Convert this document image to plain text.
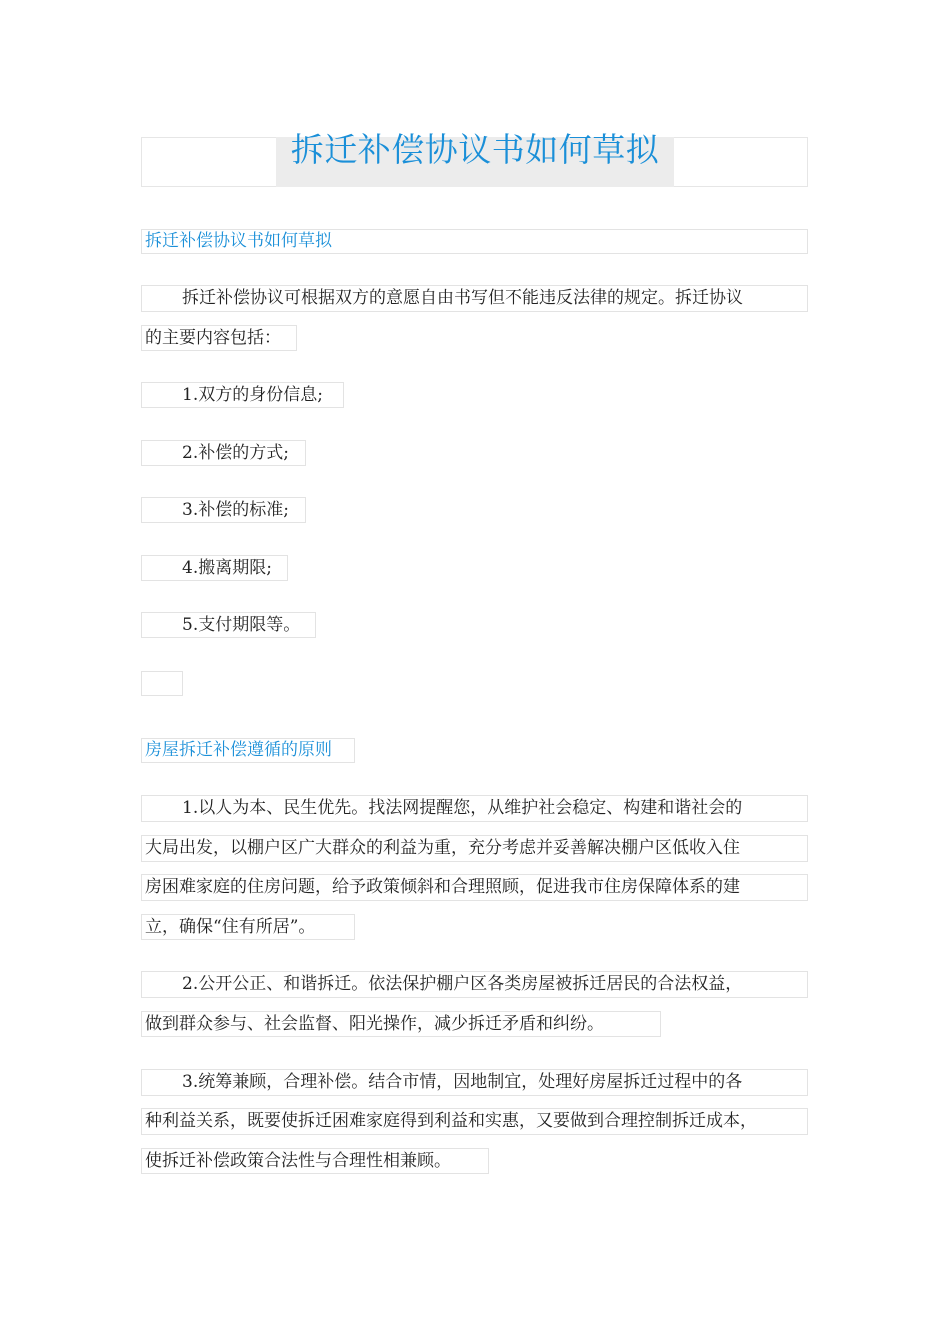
拆迁补偿协议书如何草拟
拆迁补偿协议书如何草拟
拆迁补偿协议可根据双方的意愿自由书写但不能违反法律的规定。拆迁协议
的主要内容包括：
1.双方的身份信息;
2.补偿的方式;
3.补偿的标准;
4.搬离期限;
5.支付期限等。
房屋拆迁补偿遵循的原则
1.以人为本、民生优先。找法网提醒您，从维护社会稳定、构建和谐社会的
大局出发，以棚户区广大群众的利益为重，充分考虑并妥善解决棚户区低收入住
房困难家庭的住房问题，给予政策倾斜和合理照顾，促进我市住房保障体系的建
立，确保“住有所居”。
2.公开公正、和谐拆迁。依法保护棚户区各类房屋被拆迁居民的合法权益，
做到群众参与、社会监督、阳光操作，减少拆迁矛盾和纠纷。
3.统筹兼顾，合理补偿。结合市情，因地制宜，处理好房屋拆迁过程中的各
种利益关系，既要使拆迁困难家庭得到利益和实惠，又要做到合理控制拆迁成本，
使拆迁补偿政策合法性与合理性相兼顾。
